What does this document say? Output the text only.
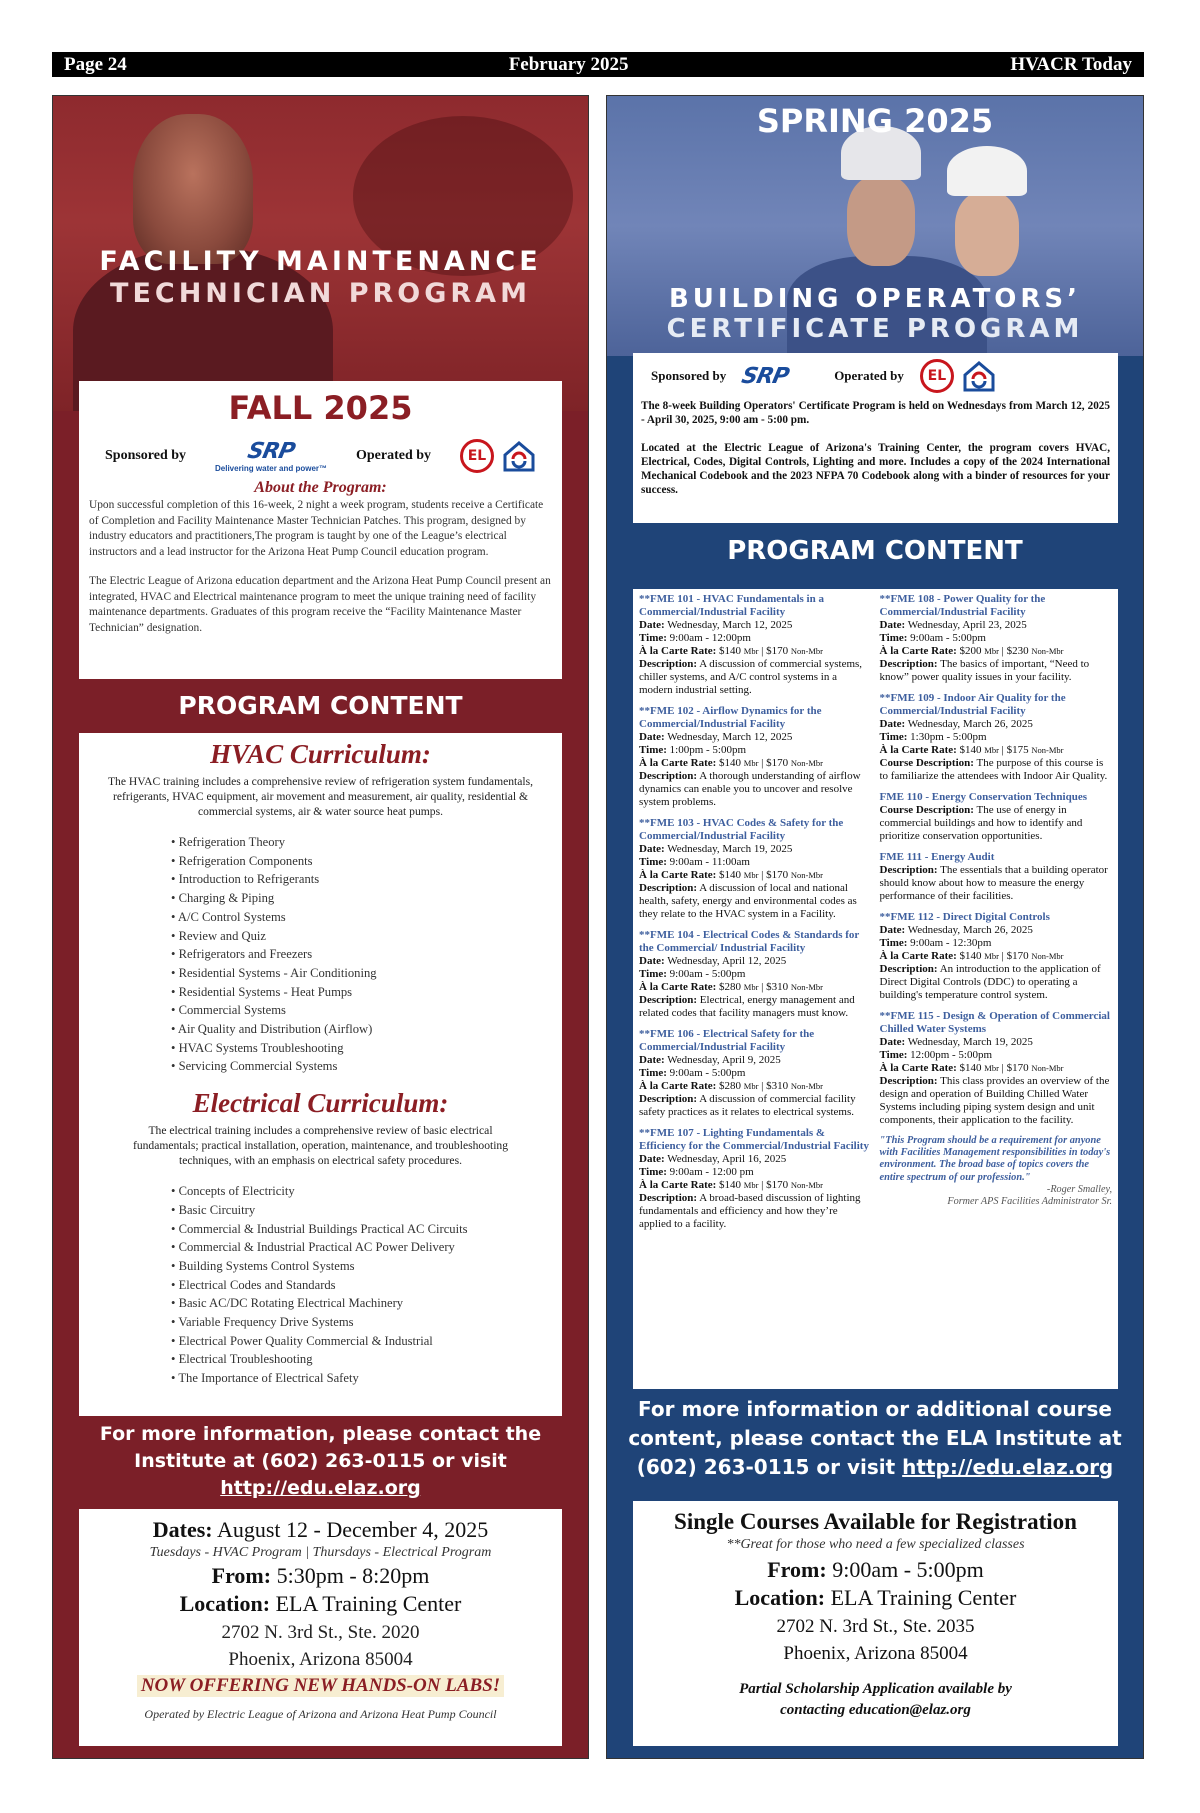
Page 24	February 2025	HVACR Today
FACILITY MAINTENANCE
TECHNICIAN PROGRAM
FALL 2025
Sponsored by	SRP
Delivering water and power™
Operated by	EL
About the Program:

Upon successful completion of this 16-week, 2 night a week program, students receive a Certificate of Completion and Facility Maintenance Master Technician Patches. This program, designed by industry educators and practitioners,The program is taught by one of the League’s electrical instructors and a lead instructor for the Arizona Heat Pump Council education program.

The Electric League of Arizona education department and the Arizona Heat Pump Council present an integrated, HVAC and Electrical maintenance program to meet the unique training need of facility maintenance departments. Graduates of this program receive the “Facility Maintenance Master Technician” designation.

PROGRAM CONTENT
HVAC Curriculum:
The HVAC training includes a comprehensive review of refrigeration system fundamentals, refrigerants, HVAC equipment, air movement and measurement, air quality, residential & commercial systems, air & water source heat pumps.
• Refrigeration Theory
• Refrigeration Components
• Introduction to Refrigerants
• Charging & Piping
• A/C Control Systems
• Review and Quiz
• Refrigerators and Freezers
• Residential Systems - Air Conditioning
• Residential Systems - Heat Pumps
• Commercial Systems
• Air Quality and Distribution (Airflow)
• HVAC Systems Troubleshooting
• Servicing Commercial Systems
Electrical Curriculum:
The electrical training includes a comprehensive review of basic electrical fundamentals; practical installation, operation, maintenance, and troubleshooting techniques, with an emphasis on electrical safety procedures.
• Concepts of Electricity
• Basic Circuitry
• Commercial & Industrial Buildings Practical AC Circuits
• Commercial & Industrial Practical AC Power Delivery
• Building Systems Control Systems
• Electrical Codes and Standards
• Basic AC/DC Rotating Electrical Machinery
• Variable Frequency Drive Systems
• Electrical Power Quality Commercial & Industrial
• Electrical Troubleshooting
• The Importance of Electrical Safety
For more information, please contact the
Institute at (602) 263-0115 or visit
http://edu.elaz.org
Dates: August 12 - December 4, 2025
Tuesdays - HVAC Program | Thursdays - Electrical Program
From: 5:30pm - 8:20pm
Location: ELA Training Center
2702 N. 3rd St., Ste. 2020
Phoenix, Arizona 85004
NOW OFFERING NEW HANDS-ON LABS!
Operated by Electric League of Arizona and Arizona Heat Pump Council
SPRING 2025
BUILDING OPERATORS’
CERTIFICATE PROGRAM
Sponsored by SRP	Operated by	EL

The 8-week Building Operators' Certificate Program is held on Wednesdays from March 12, 2025 - April 30, 2025, 9:00 am - 5:00 pm.

Located at the Electric League of Arizona's Training Center, the program covers HVAC, Electrical, Codes, Digital Controls, Lighting and more. Includes a copy of the 2024 International Mechanical Codebook and the 2023 NFPA 70 Codebook along with a binder of resources for your success.

PROGRAM CONTENT
**FME 101 - HVAC Fundamentals in a Commercial/Industrial Facility
Date: Wednesday, March 12, 2025
Time: 9:00am - 12:00pm
À la Carte Rate: $140 Mbr | $170 Non-Mbr
Description: A discussion of commercial systems, chiller systems, and A/C control systems in a modern industrial setting.
**FME 102 - Airflow Dynamics for the Commercial/Industrial Facility
Date: Wednesday, March 12, 2025
Time: 1:00pm - 5:00pm
À la Carte Rate: $140 Mbr | $170 Non-Mbr
Description: A thorough understanding of airflow dynamics can enable you to uncover and resolve system problems.
**FME 103 - HVAC Codes & Safety for the Commercial/Industrial Facility
Date: Wednesday, March 19, 2025
Time: 9:00am - 11:00am
À la Carte Rate: $140 Mbr | $170 Non-Mbr
Description: A discussion of local and national health, safety, energy and environmental codes as they relate to the HVAC system in a Facility.
**FME 104 - Electrical Codes & Standards for the Commercial/ Industrial Facility
Date: Wednesday, April 12, 2025
Time: 9:00am - 5:00pm
À la Carte Rate: $280 Mbr | $310 Non-Mbr
Description: Electrical, energy management and related codes that facility managers must know.
**FME 106 - Electrical Safety for the Commercial/Industrial Facility
Date: Wednesday, April 9, 2025
Time: 9:00am - 5:00pm
À la Carte Rate: $280 Mbr | $310 Non-Mbr
Description: A discussion of commercial facility safety practices as it relates to electrical systems.
**FME 107 - Lighting Fundamentals & Efficiency for the Commercial/Industrial Facility
Date: Wednesday, April 16, 2025
Time: 9:00am - 12:00 pm
À la Carte Rate: $140 Mbr | $170 Non-Mbr
Description: A broad-based discussion of lighting fundamentals and efficiency and how they’re applied to a facility.
**FME 108 - Power Quality for the Commercial/Industrial Facility
Date: Wednesday, April 23, 2025
Time: 9:00am - 5:00pm
À la Carte Rate: $200 Mbr | $230 Non-Mbr
Description: The basics of important, “Need to know” power quality issues in your facility.
**FME 109 - Indoor Air Quality for the Commercial/Industrial Facility
Date: Wednesday, March 26, 2025
Time: 1:30pm - 5:00pm
À la Carte Rate: $140 Mbr | $175 Non-Mbr
Course Description: The purpose of this course is to familiarize the attendees with Indoor Air Quality.
FME 110 - Energy Conservation Techniques
Course Description: The use of energy in commercial buildings and how to identify and prioritize conservation opportunities.
FME 111 - Energy Audit
Description: The essentials that a building operator should know about how to measure the energy performance of their facilities.
**FME 112 - Direct Digital Controls
Date: Wednesday, March 26, 2025
Time: 9:00am - 12:30pm
À la Carte Rate: $140 Mbr | $170 Non-Mbr
Description: An introduction to the application of Direct Digital Controls (DDC) to operating a building's temperature control system.
**FME 115 - Design & Operation of Commercial Chilled Water Systems
Date: Wednesday, March 19, 2025
Time: 12:00pm - 5:00pm
À la Carte Rate: $140 Mbr | $170 Non-Mbr
Description: This class provides an overview of the design and operation of Building Chilled Water Systems including piping system design and unit components, their application to the facility.
"This Program should be a requirement for anyone with Facilities Management responsibilities in today's environment. The broad base of topics covers the entire spectrum of our profession."
-Roger Smalley,
Former APS Facilities Administrator Sr.
For more information or additional course
content, please contact the ELA Institute at
(602) 263-0115 or visit http://edu.elaz.org
Single Courses Available for Registration
**Great for those who need a few specialized classes
From: 9:00am - 5:00pm
Location: ELA Training Center
2702 N. 3rd St., Ste. 2035
Phoenix, Arizona 85004
Partial Scholarship Application available by
contacting education@elaz.org
